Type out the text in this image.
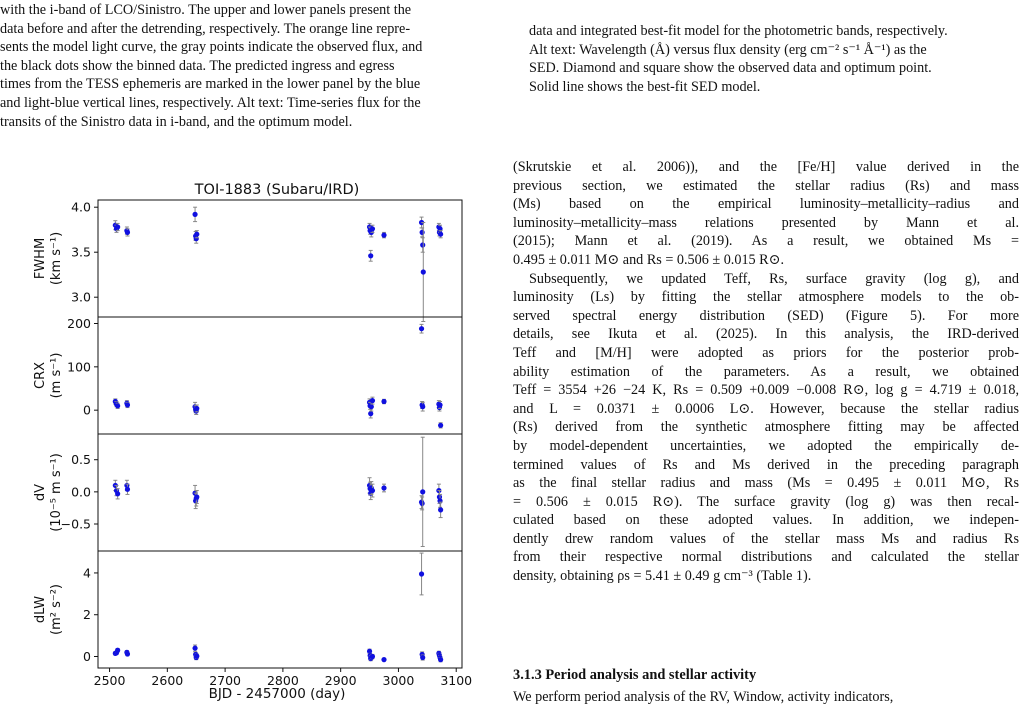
with the i-band of LCO/Sinistro. The upper and lower panels present the
data before and after the detrending, respectively. The orange line repre-
sents the model light curve, the gray points indicate the observed flux, and
the black dots show the binned data. The predicted ingress and egress
times from the TESS ephemeris are marked in the lower panel by the blue
and light-blue vertical lines, respectively. Alt text: Time-series flux for the
transits of the Sinistro data in i-band, and the optimum model.
data and integrated best-fit model for the photometric bands, respectively.
Alt text: Wavelength (Å) versus flux density (erg cm⁻² s⁻¹ Å⁻¹) as the
SED. Diamond and square show the observed data and optimum point.
Solid line shows the best-fit SED model.
(Skrutskie et al. 2006)), and the [Fe/H] value derived in the
previous section, we estimated the stellar radius (Rs) and mass
(Ms) based on the empirical luminosity–metallicity–radius and
luminosity–metallicity–mass relations presented by Mann et al.
(2015); Mann et al. (2019). As a result, we obtained Ms =
0.495 ± 0.011 M⊙ and Rs = 0.506 ± 0.015 R⊙.
Subsequently, we updated Teff, Rs, surface gravity (log g), and
luminosity (Ls) by fitting the stellar atmosphere models to the ob-
served spectral energy distribution (SED) (Figure 5). For more
details, see Ikuta et al. (2025). In this analysis, the IRD-derived
Teff and [M/H] were adopted as priors for the posterior prob-
ability estimation of the parameters. As a result, we obtained
Teff = 3554 +26 −24 K, Rs = 0.509 +0.009 −0.008 R⊙, log g = 4.719 ± 0.018,
and L = 0.0371 ± 0.0006 L⊙. However, because the stellar radius
(Rs) derived from the synthetic atmosphere fitting may be affected
by model-dependent uncertainties, we adopted the empirically de-
termined values of Rs and Ms derived in the preceding paragraph
as the final stellar radius and mass (Ms = 0.495 ± 0.011 M⊙, Rs
= 0.506 ± 0.015 R⊙). The surface gravity (log g) was then recal-
culated based on these adopted values. In addition, we indepen-
dently drew random values of the stellar mass Ms and radius Rs
from their respective normal distributions and calculated the stellar
density, obtaining ρs = 5.41 ± 0.49 g cm⁻³ (Table 1).
3.1.3 Period analysis and stellar activity
We perform period analysis of the RV, Window, activity indicators,
TOI-1883 (Subaru/IRD)
3.0
3.5
4.0
FWHM (km s⁻¹)
0
100
200
CRX (m s⁻¹)
−0.5
0.0
0.5
dV (10⁻⁵ m s⁻¹)
0
2
4
dLW (m² s⁻²)
2500 2600 2700 2800 2900 3000 3100
BJD - 2457000 (day)
